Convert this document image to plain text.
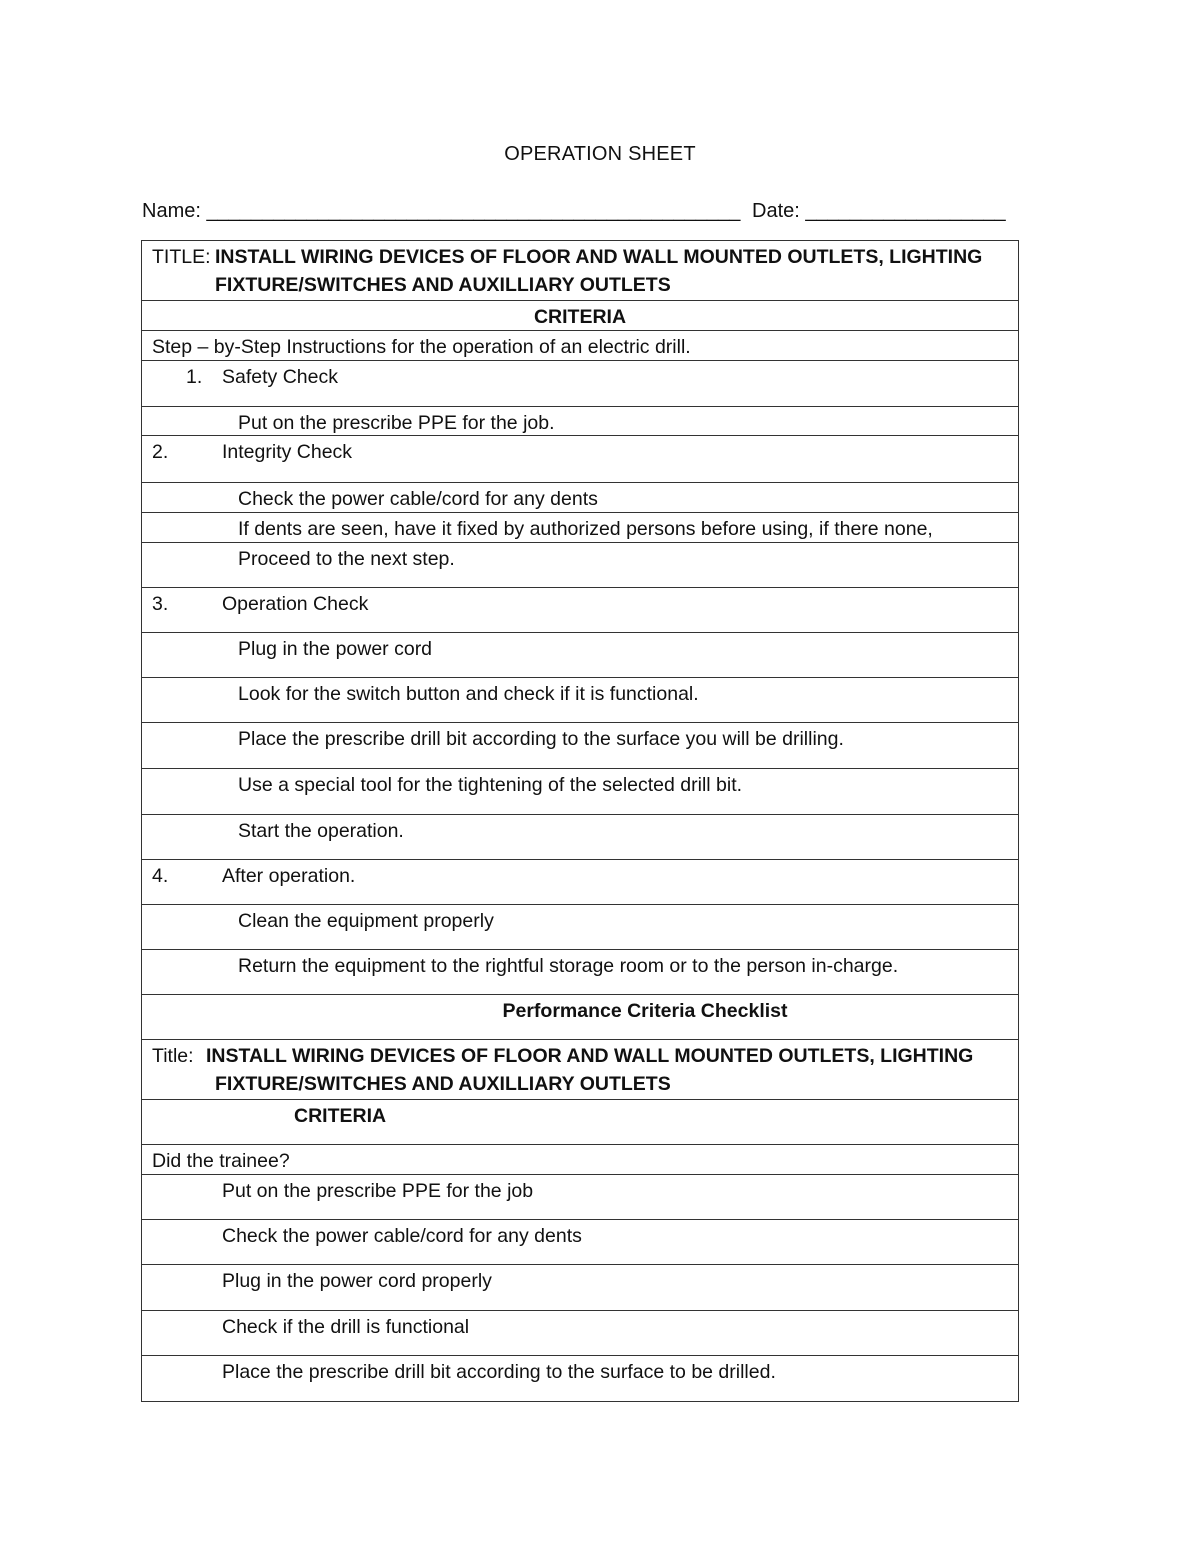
OPERATION SHEET
Name: ________________________________________________ Date: __________________
TITLE: INSTALL WIRING DEVICES OF FLOOR AND WALL MOUNTED OUTLETS, LIGHTING
FIXTURE/SWITCHES AND AUXILLIARY OUTLETS
CRITERIA
Step – by-Step Instructions for the operation of an electric drill.
1. Safety Check
Put on the prescribe PPE for the job.
2.	Integrity Check
Check the power cable/cord for any dents
If dents are seen, have it fixed by authorized persons before using, if there none,
Proceed to the next step.
3.	Operation Check
Plug in the power cord
Look for the switch button and check if it is functional.
Place the prescribe drill bit according to the surface you will be drilling.
Use a special tool for the tightening of the selected drill bit.
Start the operation.
4.	After operation.
Clean the equipment properly
Return the equipment to the rightful storage room or to the person in-charge.
Performance Criteria Checklist
Title: INSTALL WIRING DEVICES OF FLOOR AND WALL MOUNTED OUTLETS, LIGHTING
FIXTURE/SWITCHES AND AUXILLIARY OUTLETS
CRITERIA
Did the trainee?
Put on the prescribe PPE for the job
Check the power cable/cord for any dents
Plug in the power cord properly
Check if the drill is functional
Place the prescribe drill bit according to the surface to be drilled.
